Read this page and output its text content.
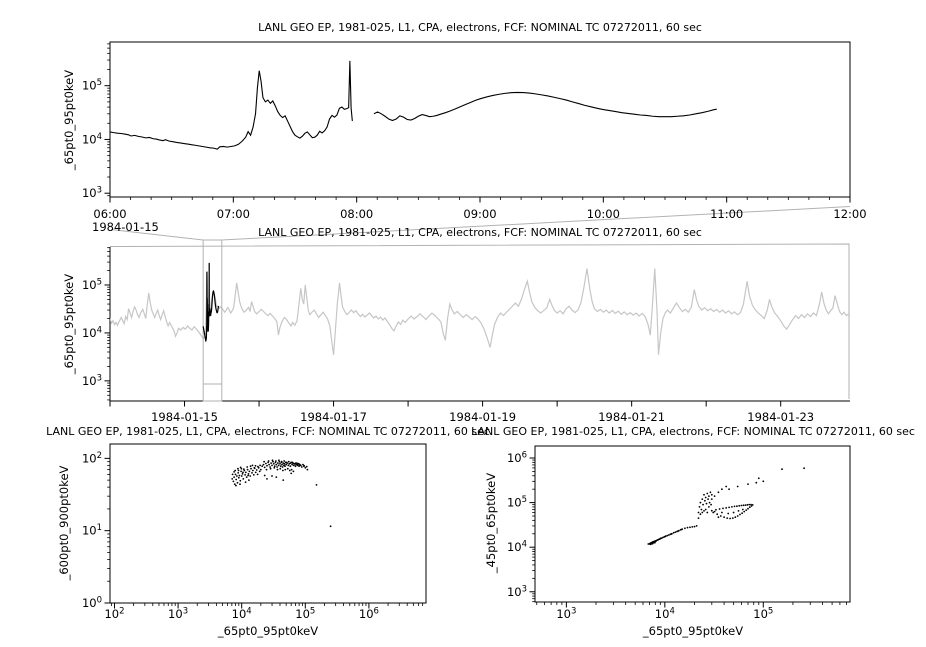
1984-01-15	1984-01-17	1984-01-19	1984-01-21	1984-01-23
$10^3$
$10^4$
$10^5$
06:00	07:00	08:00	09:00	10:00	11:00	12:00
1984-01-15
$10^3$
$10^4$
$10^5$
$10^2$	$10^3$	$10^4$	$10^5$	$10^6$
$10^0$
$10^1$
$10^2$
$10^3$	$10^4$	$10^5$
$10^3$
$10^4$
$10^5$
$10^6$
LANL GEO EP, 1981-025, L1, CPA, electrons, FCF: NOMINAL TC 07272011, 60 sec
LANL GEO EP, 1981-025, L1, CPA, electrons, FCF: NOMINAL TC 07272011, 60 sec
LANL GEO EP, 1981-025, L1, CPA, electrons, FCF: NOMINAL TC 07272011, 60 sec
LANL GEO EP, 1981-025, L1, CPA, electrons, FCF: NOMINAL TC 07272011, 60 sec
_65pt0_95pt0keV
_65pt0_95pt0keV
_600pt0_900pt0keV	_45pt0_65pt0keV
_65pt0_95pt0keV	_65pt0_95pt0keV
